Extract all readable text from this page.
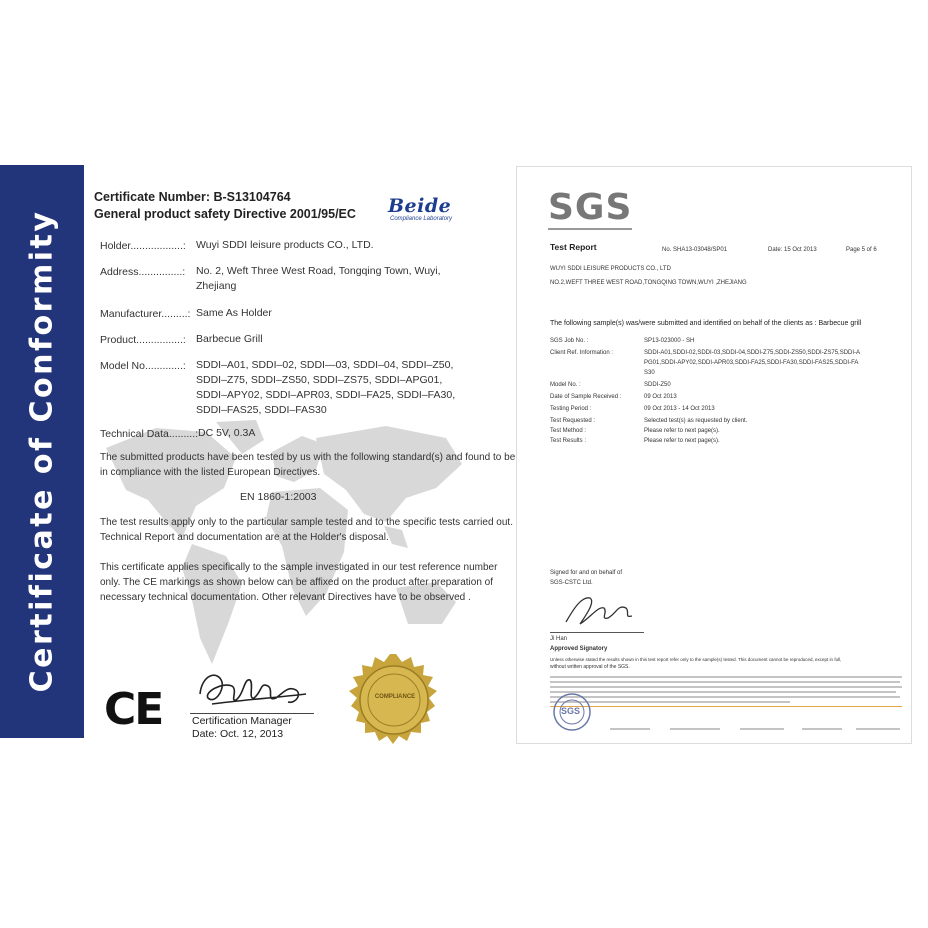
Certificate of Conformity
Certificate Number: B-S13104764
General product safety Directive 2001/95/EC Beide
Compliance Laboratory
Holder..................: Wuyi SDDI leisure products CO., LTD.
Address...............: No. 2, Weft Three West Road, Tongqing Town, Wuyi,
Zhejiang
Manufacturer.........: Same As Holder
Product................: Barbecue Grill
Model No.............: SDDI–A01, SDDI–02, SDDI—03, SDDI–04, SDDI–Z50,
SDDI–Z75, SDDI–ZS50, SDDI–ZS75, SDDI–APG01,
SDDI–APY02, SDDI–APR03, SDDI–FA25, SDDI–FA30,
SDDI–FAS25, SDDI–FAS30
Technical Data.........: DC 5V, 0.3A
The submitted products have been tested by us with the following standard(s) and found to be
in compliance with the listed European Directives.
EN 1860-1:2003
The test results apply only to the particular sample tested and to the specific tests carried out.
Technical Report and documentation are at the Holder's disposal.
This certificate applies specifically to the sample investigated in our test reference number
only. The CE markings as shown below can be affixed on the product after preparation of
necessary technical documentation. Other relevant Directives have to be observed .
CE	Certification Manager
Date: Oct. 12, 2013
COMPLIANCE
SGS
Test Report	No. SHA13-03048/SP01	Date: 15 Oct 2013	Page 5 of 6
WUYI SDDI LEISURE PRODUCTS CO., LTD
NO.2,WEFT THREE WEST ROAD,TONGQING TOWN,WUYI ,ZHEJIANG
The following sample(s) was/were submitted and identified on behalf of the clients as : Barbecue grill
SGS Job No. :	SP13-023000 - SH
Client Ref. Information :	SDDI-A01,SDDI-02,SDDI-03,SDDI-04,SDDI-Z75,SDDI-ZS50,SDDI-ZS75,SDDI-A
PG01,SDDI-APY02,SDDI-APR03,SDDI-FA25,SDDI-FA30,SDDI-FAS25,SDDI-FA
S30
Model No. :	SDDI-Z50
Date of Sample Received :	09 Oct 2013
Testing Period :	09 Oct 2013 - 14 Oct 2013
Test Requested :	Selected test(s) as requested by client.
Test Method :	Please refer to next page(s).
Test Results :	Please refer to next page(s).
Signed for and on behalf of
SGS-CSTC Ltd.
Ji Han
Approved Signatory
Unless otherwise stated the results shown in this test report refer only to the sample(s) tested. This document cannot be reproduced, except in full,
without written approval of the SGS.
SGS
